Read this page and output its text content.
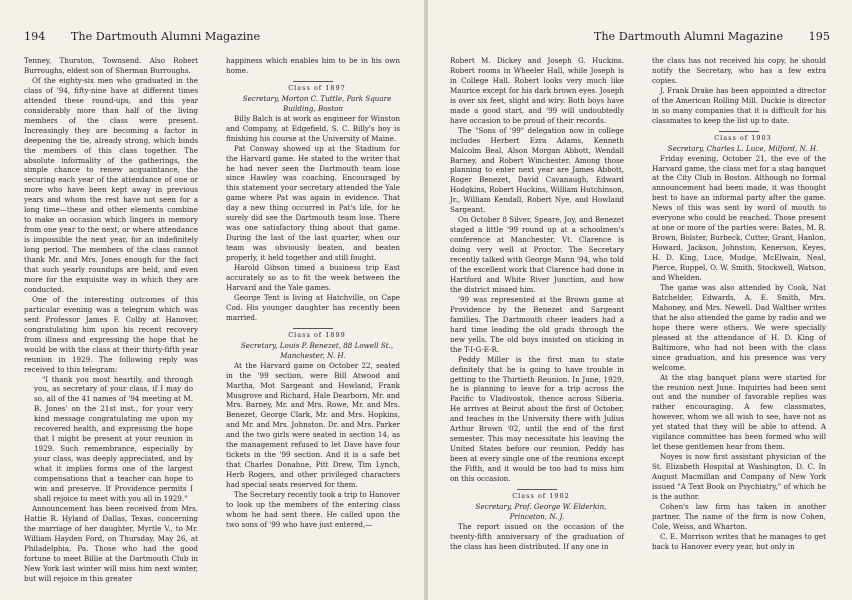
194 The Dartmouth Alumni Magazine

Tenney, Thurston, Townsend. Also Robert Burroughs, eldest son of Sherman Burroughs.

Of the eighty-six men who graduated in the class of '94, fifty-nine have at different times attended these round-ups, and this year considerably more than half of the living members of the class were present. Increasingly they are becoming a factor in deepening the tie, already strong, which binds the members of this class together. The absolute informality of the gatherings, the simple chance to renew acquaintance, the securing each year of the attendance of one or more who have been kept away in previous years and whom the rest have not seen for a long time—these and other elements combine to make an occasion which lingers in memory from one year to the next, or where attendance is impossible the next year, for an indefinitely long period. The members of the class cannot thank Mr. and Mrs. Jones enough for the fact that such yearly roundups are held, and even more for the exquisite way in which they are conducted.

One of the interesting outcomes of this particular evening was a telegram which was sent Professor James F. Colby at Hanover, congratulating him upon his recent recovery from illness and expressing the hope that he would be with the class at their thirty-fifth year reunion in 1929. The following reply was received to this telegram:

"I thank you most heartily, and through you, as secretary of your class, if I may do so, all of the 41 names of '94 meeting at M. B. Jones' on the 21st inst., for your very kind message congratulating me upon my recovered health, and expressing the hope that I might be present at your reunion in 1929. Such remembrance, especially by your class, was deeply appreciated, and by what it implies forms one of the largest compensations that a teacher can hope to win and preserve. If Providence permits I shall rejoice to meet with you all in 1929."

Announcement has been received from Mrs. Hattie R. Hyland of Dallas, Texas, concerning the marriage of her daughter, Myrtle V., to Mr. William Hayden Ford, on Thursday, May 26, at Philadelphia, Pa. Those who had the good fortune to meet Billie at the Dartmouth Club in New York last winter will miss him next winter, but will rejoice in this greater

happiness which enables him to be in his own home.

Class of 1897

Secretary, Morton C. Tuttle, Park Square Building, Boston

Billy Balch is at work as engineer for Winston and Company, at Edgefield, S. C. Billy's boy is finishing his course at the University of Maine.

Pat Conway showed up at the Stadium for the Harvard game. He stated to the writer that he had never seen the Dartmouth team lose since Hawley was coaching. Encouraged by this statement your secretary attended the Yale game where Pat was again in evidence. That day a new thing occurred in Pat's life, for he surely did see the Dartmouth team lose. There was one satisfactory thing about that game. During the last of the last quarter, when our team was obviously beaten, and beaten properly, it held together and still fought.

Harold Gibson timed a business trip East accurately so as to fit the week between the Harvard and the Yale games.

George Tent is living at Hatchville, on Cape Cod. His younger daughter has recently been married.

Class of 1899

Secretary, Louis P. Benezet, 88 Lowell St., Manchester, N. H.

At the Harvard game on October 22, seated in the '99 section, were Bill Atwood and Martha, Mot Sargeant and Howland, Frank Musgrove and Richard, Hale Dearborn, Mr. and Mrs. Barney, Mr. and Mrs. Rowe, Mr. and Mrs. Benezet, George Clark, Mr. and Mrs. Hopkins, and Mr. and Mrs. Johnston. Dr. and Mrs. Parker and the two girls were seated in section 14, as the management refused to let Dave have four tickets in the '99 section. And it is a safe bet that Charles Donahue, Pitt Drew, Tim Lynch, Herb Rogers, and other privileged characters had special seats reserved for them.

The Secretary recently took a trip to Hanover to look up the members of the entering class whom he had sent there. He called upon the two sons of '99 who have just entered,—

The Dartmouth Alumni Magazine 195

Robert M. Dickey and Joseph G. Huckins. Robert rooms in Wheeler Hall, while Joseph is in College Hall. Robert looks very much like Maurice except for his dark brown eyes. Joseph is over six feet, slight and wiry. Both boys have made a good start, and '99 will undoubtedly have occasion to be proud of their records.

The "Sons of '99" delegation now in college includes Herbert Ezra Adams, Kenneth Malcolm Beal, Alson Morgan Abbott, Wendall Barney, and Robert Winchester. Among those planning to enter next year are James Abbott, Roger Benezet, David Cavanaugh, Edward Hodgkins, Robert Huckins, William Hutchinson, Jr., William Kendall, Robert Nye, and Howland Sargeant.

On October 8 Silver, Speare, Joy, and Benezet staged a little '99 round up at a schoolmen's conference at Manchester, Vt. Clarence is doing very well at Proctor. The Secretary recently talked with George Mann '94, who told of the excellent work that Clarence had done in Hartford and White River Junction, and how the district missed him.

'99 was represented at the Brown game at Providence by the Benezet and Sargeant families. The Dartmouth cheer leaders had a hard time leading the old grads through the new yells. The old boys insisted on sticking in the T-I-G-E-R.

Peddy Miller is the first man to state definitely that he is going to have trouble in getting to the Thirtieth Reunion. In June, 1929, he is planning to leave for a trip across the Pacific to Vladivostok, thence across Siberia. He arrives at Beirut about the first of October, and teaches in the University there with Julius Arthur Brown '02, until the end of the first semester. This may necessitate his leaving the United States before our reunion. Peddy has been at every single one of the reunions except the Fifth, and it would be too bad to miss him on this occasion.

Class of 1902

Secretary, Prof. George W. Elderkin, Princeton, N. J.

The report issued on the occasion of the twenty-fifth anniversary of the graduation of the class has been distributed. If any one in

the class has not received his copy, he should notify the Secretary, who has a few extra copies.

J. Frank Drake has been appointed a director of the American Rolling Mill. Duckie is director in so many companies that it is difficult for his classmates to keep the list up to date.

Class of 1903

Secretary, Charles L. Luce, Milford, N. H.

Friday evening, October 21, the eve of the Harvard game, the class met for a stag banquet at the City Club in Boston. Although no formal announcement had been made, it was thought best to have an informal party after the game. News of this was sent by word of mouth to everyone who could be reached. Those present at one or more of the parties were: Bates, M. R. Brown, Bolster, Burbeck, Cutter, Grant, Hanlon, Howard, Jackson, Johnston, Kenerson, Keyes, H. D. King, Luce, Mudge, McElwain, Neal, Pierce, Ruppel, O. W. Smith, Stockwell, Watson, and Whelden.

The game was also attended by Cook, Nat Batchelder, Edwards, A. E. Smith, Mrs. Mahoney, and Mrs. Newell. Dad Walther writes that he also attended the game by radio and we hope there were others. We were specially pleased at the attendance of H. D. King of Baltimore, who had not been with the class since graduation, and his presence was very welcome.

At the stag banquet plans were started for the reunion next June. Inquiries had been sent out and the number of favorable replies was rather encouraging. A few classmates, however, whom we all wish to see, have not as yet stated that they will be able to attend. A vigilance committee has been formed who will let these gentlemen hear from them.

Noyes is now first assistant physician of the St. Elizabeth Hospital at Washington, D. C. In August Macmillan and Company of New York issued "A Text Book on Psychiatry," of which he is the author.

Cohen's law firm has taken in another partner. The name of the firm is now Cohen, Cole, Weiss, and Wharton.

C. E. Morrison writes that he manages to get back to Hanover every year, but only in
